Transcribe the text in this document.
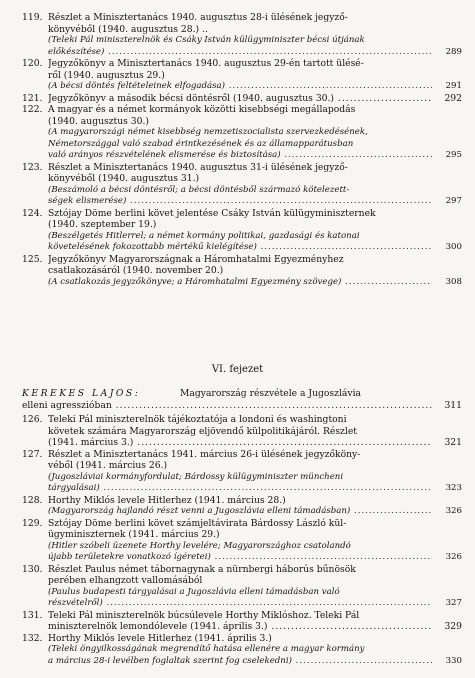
119. Részlet a Minisztertanács 1940. augusztus 28-i ülésének jegyző-
könyvéből (1940. augusztus 28.) ..
(Teleki Pál miniszterelnök és Csáky István külügyminiszter bécsi útjának
előkészítése) .....	289
120. Jegyzőkönyv a Minisztertanács 1940. augusztus 29-én tartott ülésé-
ről (1940. augusztus 29.)
(A bécsi döntés feltételeinek elfogadása) .....	291
121. Jegyzőkönyv a második bécsi döntésről (1940. augusztus 30.) .....	292
122. A magyar és a német kormányok közötti kisebbségi megállapodás
(1940. augusztus 30.)
(A magyarországi német kisebbség nemzetiszocialista szervezkedésének,
Németországgal való szabad érintkezésének és az államapparátusban
való arányos részvételének elismerése és biztosítása) .....	295
123. Részlet a Minisztertanács 1940. augusztus 31-i ülésének jegyző-
könyvéből (1940. augusztus 31.)
(Beszámoló a bécsi döntésről; a bécsi döntésből származó kötelezett-
ségek elismerése) .....	297
124. Sztójay Döme berlini követ jelentése Csáky István külügyminiszternek
(1940. szeptember 19.)
(Beszélgetés Hitlerrel; a német kormány politikai, gazdasági és katonai
követelésének fokozottabb mértékű kielégítése) .....	300
125. Jegyzőkönyv Magyarországnak a Háromhatalmi Egyezményhez
csatlakozásáról (1940. november 20.)
(A csatlakozás jegyzőkönyve; a Háromhatalmi Egyezmény szövege) .....	308
VI. fejezet
KEREKES LAJOS:	Magyarország részvétele a Jugoszlávia
elleni agresszióban .....	311
126. Teleki Pál miniszterelnök tájékoztatója a londoni és washingtoni
követek számára Magyarország eljövendő külpolitikájáról. Részlet
(1941. március 3.) .....	321
127. Részlet a Minisztertanács 1941. március 26-i ülésének jegyzőköny-
véből (1941. március 26.)
(Jugoszláviai kormányfordulat; Bárdossy külügyminiszter müncheni
tárgyalásai) .....	323
128. Horthy Miklós levele Hitlerhez (1941. március 28.)
(Magyarország hajlandó részt venni a Jugoszlávia elleni támadásban) .....	326
129. Sztójay Döme berlini követ számjeltávirata Bárdossy László kül-
ügyminiszternek (1941. március 29.)
(Hitler szóbeli üzenete Horthy levelére; Magyarországhoz csatolandó
újabb területekre vonatkozó ígéretei) .....	326
130. Részlet Paulus német tábornagynak a nürnbergi háborús bűnösök
perében elhangzott vallomásából
(Paulus budapesti tárgyalásai a Jugoszlávia elleni támadásban való
részvételről) .....	327
131. Teleki Pál miniszterelnök búcsúlevele Horthy Miklóshoz. Teleki Pál
miniszterelnök lemondólevele (1941. április 3.) .....	329
132. Horthy Miklós levele Hitlerhez (1941. április 3.)
(Teleki öngyilkosságának megrendítő hatása ellenére a magyar kormány
a március 28-i levélben foglaltak szerint fog cselekedni) .....	330
